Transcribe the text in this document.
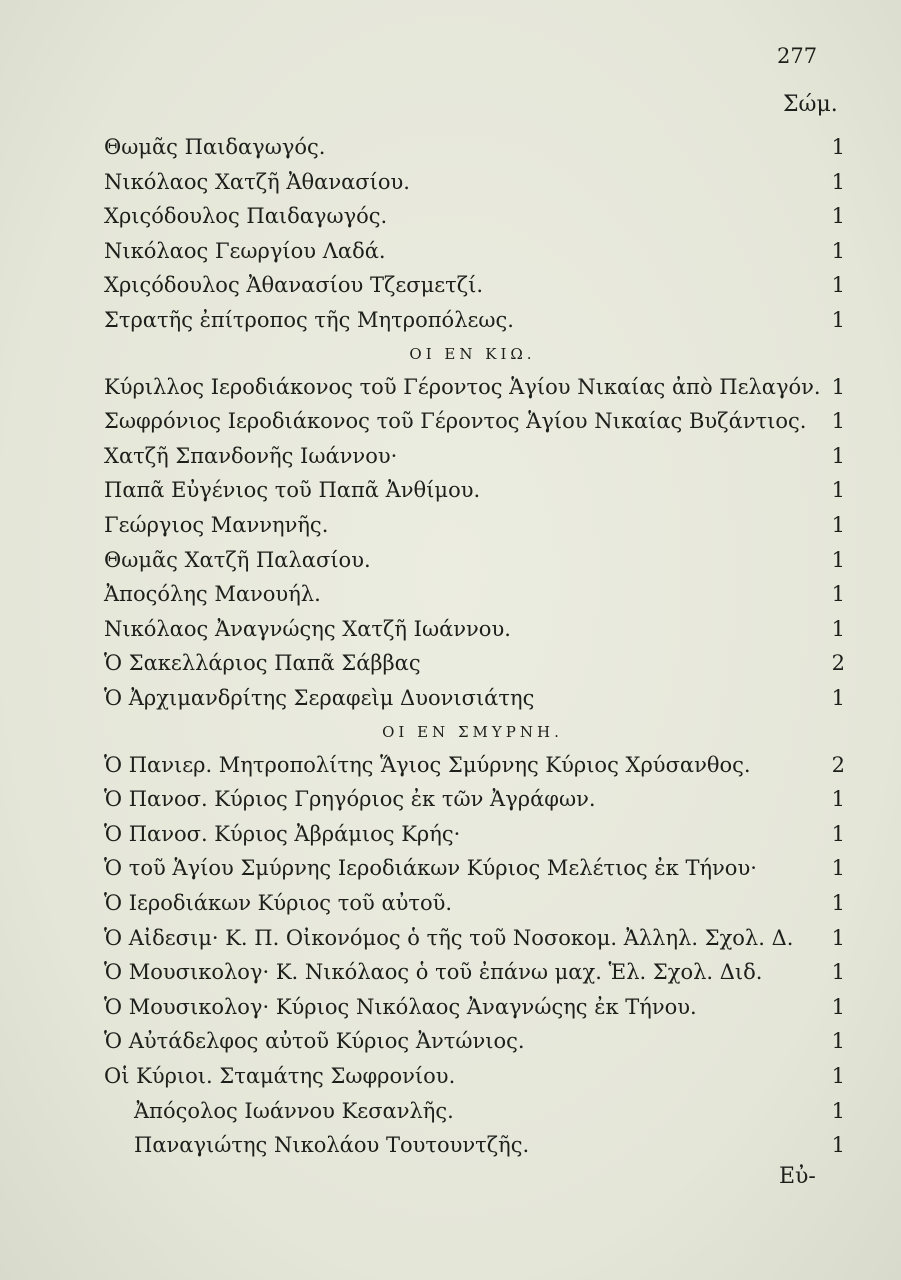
277
Σώμ.
Θωμᾶς Παιδαγωγός.	1
Νικόλαος Χατζῆ Ἀθανασίου.	1
Χριςόδουλος Παιδαγωγός.	1
Νικόλαος Γεωργίου Λαδά.	1
Χριςόδουλος Ἀθανασίου Τζεσμετζί.	1
Στρατῆς ἐπίτροπος τῆς Μητροπόλεως.	1
ΟΙ ΕΝ ΚΙΩ.
Κύριλλος Ιεροδιάκονος τοῦ Γέροντος Ἁγίου Νικαίας ἀπὸ Πελαγόν. 1
Σωφρόνιος Ιεροδιάκονος τοῦ Γέροντος Ἁγίου Νικαίας Βυζάντιος. 1
Χατζῆ Σπανδονῆς Ιωάννου·	1
Παπᾶ Εὐγένιος τοῦ Παπᾶ Ἀνθίμου.	1
Γεώργιος Μαννηνῆς.	1
Θωμᾶς Χατζῆ Παλασίου.	1
Ἀποςόλης Μανουήλ.	1
Νικόλαος Ἀναγνώςης Χατζῆ Ιωάννου.	1
Ὁ Σακελλάριος Παπᾶ Σάββας	2
Ὁ Ἀρχιμανδρίτης Σεραφεὶμ Δυονισιάτης	1
ΟΙ ΕΝ ΣΜΥΡΝΗ.
Ὁ Πανιερ. Μητροπολίτης Ἅγιος Σμύρνης Κύριος Χρύσανθος.	2
Ὁ Πανοσ. Κύριος Γρηγόριος ἐκ τῶν Ἀγράφων.	1
Ὁ Πανοσ. Κύριος Ἀβράμιος Κρής·	1
Ὁ τοῦ Ἁγίου Σμύρνης Ιεροδιάκων Κύριος Μελέτιος ἐκ Τήνου·	1
Ὁ Ιεροδιάκων Κύριος τοῦ αὐτοῦ.	1
Ὁ Αἰδεσιμ· Κ. Π. Οἰκονόμος ὁ τῆς τοῦ Νοσοκομ. Ἀλληλ. Σχολ. Δ. 1
Ὁ Μουσικολογ· Κ. Νικόλαος ὁ τοῦ ἐπάνω μαχ. Ἑλ. Σχολ. Διδ.	1
Ὁ Μουσικολογ· Κύριος Νικόλαος Ἀναγνώςης ἐκ Τήνου.	1
Ὁ Αὐτάδελφος αὐτοῦ Κύριος Ἀντώνιος.	1
Οἱ Κύριοι. Σταμάτης Σωφρονίου.	1
Ἀπόςολος Ιωάννου Κεσανλῆς.	1
Παναγιώτης Νικολάου Τουτουντζῆς.	1
Εὐ-
